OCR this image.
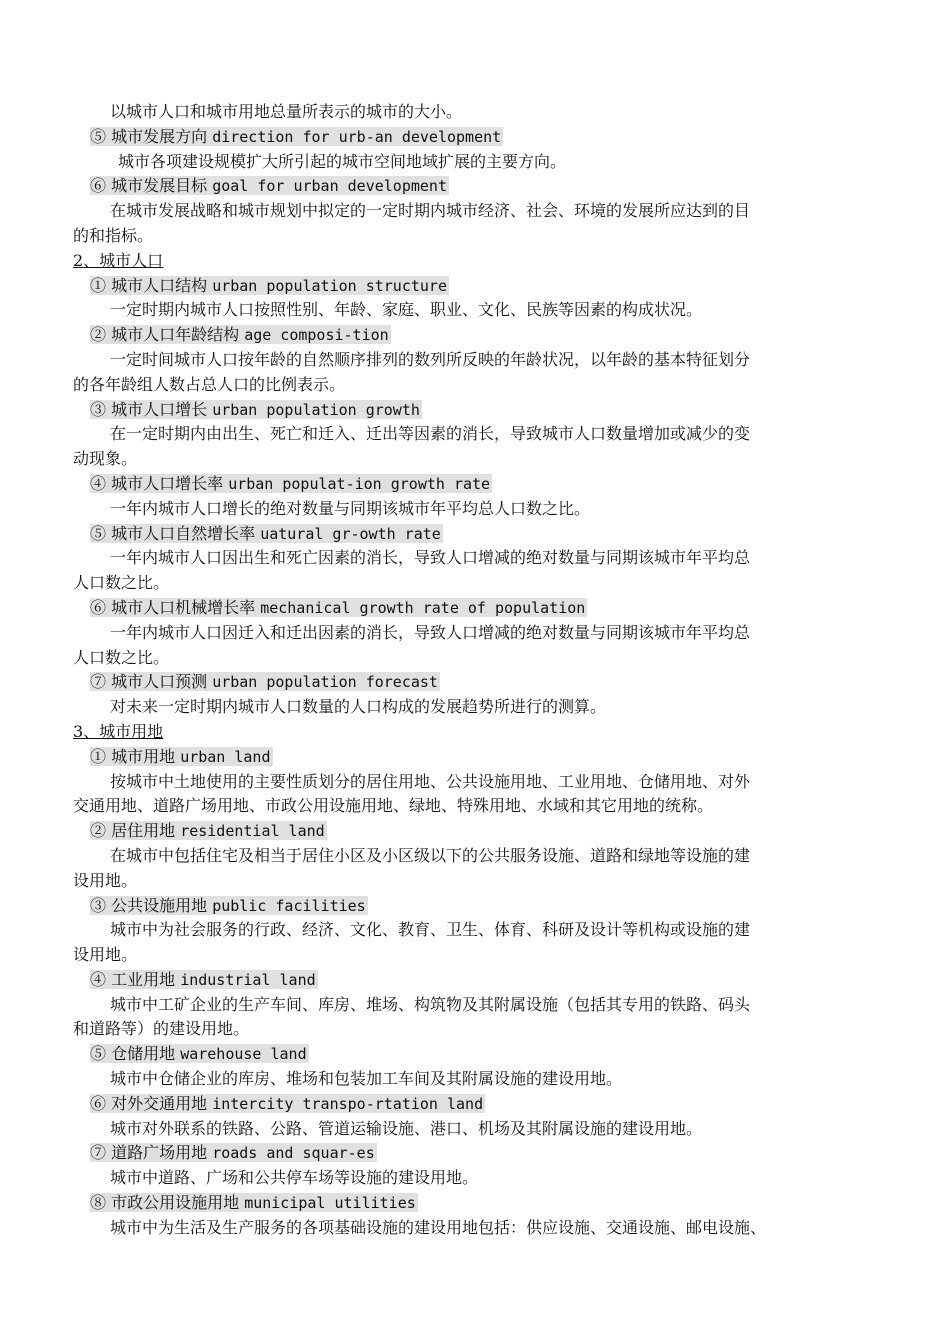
以城市人口和城市用地总量所表示的城市的大小。
⑤ 城市发展方向 direction for urb-an development
城市各项建设规模扩大所引起的城市空间地域扩展的主要方向。
⑥ 城市发展目标 goal for urban development
在城市发展战略和城市规划中拟定的一定时期内城市经济、社会、环境的发展所应达到的目
的和指标。
2、城市人口
① 城市人口结构 urban population structure
一定时期内城市人口按照性别、年龄、家庭、职业、文化、民族等因素的构成状况。
② 城市人口年龄结构 age composi-tion
一定时间城市人口按年龄的自然顺序排列的数列所反映的年龄状况，以年龄的基本特征划分
的各年龄组人数占总人口的比例表示。
③ 城市人口增长 urban population growth
在一定时期内由出生、死亡和迁入、迁出等因素的消长，导致城市人口数量增加或减少的变
动现象。
④ 城市人口增长率 urban populat-ion growth rate
一年内城市人口增长的绝对数量与同期该城市年平均总人口数之比。
⑤ 城市人口自然增长率 uatural gr-owth rate
一年内城市人口因出生和死亡因素的消长，导致人口增减的绝对数量与同期该城市年平均总
人口数之比。
⑥ 城市人口机械增长率 mechanical growth rate of population
一年内城市人口因迁入和迁出因素的消长，导致人口增减的绝对数量与同期该城市年平均总
人口数之比。
⑦ 城市人口预测 urban population forecast
对未来一定时期内城市人口数量的人口构成的发展趋势所进行的测算。
3、城市用地
① 城市用地 urban land
按城市中土地使用的主要性质划分的居住用地、公共设施用地、工业用地、仓储用地、对外
交通用地、道路广场用地、市政公用设施用地、绿地、特殊用地、水域和其它用地的统称。
② 居住用地 residential land
在城市中包括住宅及相当于居住小区及小区级以下的公共服务设施、道路和绿地等设施的建
设用地。
③ 公共设施用地 public facilities
城市中为社会服务的行政、经济、文化、教育、卫生、体育、科研及设计等机构或设施的建
设用地。
④ 工业用地 industrial land
城市中工矿企业的生产车间、库房、堆场、构筑物及其附属设施（包括其专用的铁路、码头
和道路等）的建设用地。
⑤ 仓储用地 warehouse land
城市中仓储企业的库房、堆场和包装加工车间及其附属设施的建设用地。
⑥ 对外交通用地 intercity transpo-rtation land
城市对外联系的铁路、公路、管道运输设施、港口、机场及其附属设施的建设用地。
⑦ 道路广场用地 roads and squar-es
城市中道路、广场和公共停车场等设施的建设用地。
⑧ 市政公用设施用地 municipal utilities
城市中为生活及生产服务的各项基础设施的建设用地包括：供应设施、交通设施、邮电设施、
